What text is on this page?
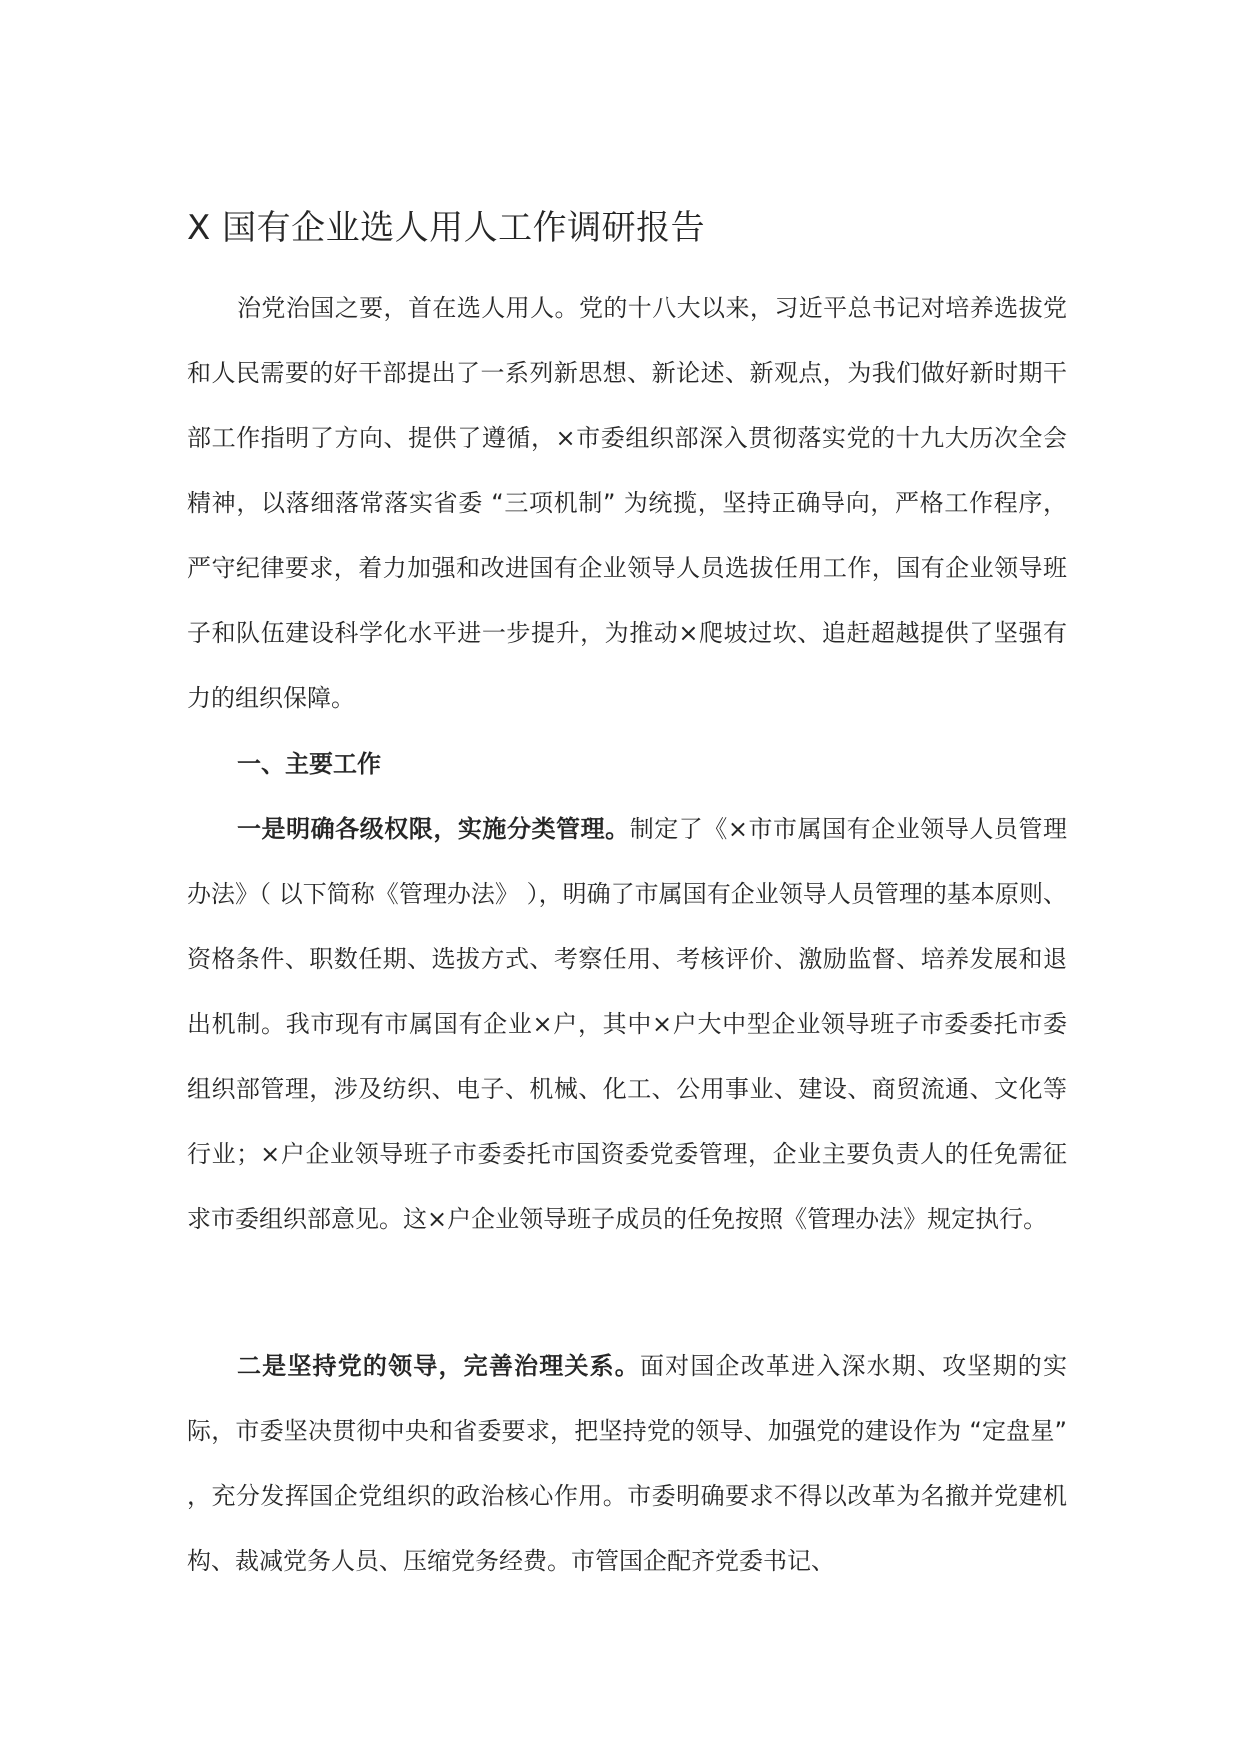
X 国有企业选人用人工作调研报告

治党治国之要，首在选人用人。党的十八大以来，习近平总书记对培养选拔党和人民需要的好干部提出了一系列新思想、新论述、新观点，为我们做好新时期干部工作指明了方向、提供了遵循，×市委组织部深入贯彻落实党的十九大历次全会精神，以落细落常落实省委 “三项机制” 为统揽，坚持正确导向，严格工作程序，严守纪律要求，着力加强和改进国有企业领导人员选拔任用工作，国有企业领导班子和队伍建设科学化水平进一步提升，为推动×爬坡过坎、追赶超越提供了坚强有力的组织保障。

一、主要工作

一是明确各级权限，实施分类管理。制定了《×市市属国有企业领导人员管理办法》（ 以下简称《管理办法》 ），明确了市属国有企业领导人员管理的基本原则、资格条件、职数任期、选拔方式、考察任用、考核评价、激励监督、培养发展和退出机制。我市现有市属国有企业×户，其中×户大中型企业领导班子市委委托市委组织部管理，涉及纺织、电子、机械、化工、公用事业、建设、商贸流通、文化等行业；×户企业领导班子市委委托市国资委党委管理，企业主要负责人的任免需征求市委组织部意见。这×户企业领导班子成员的任免按照《管理办法》规定执行。

二是坚持党的领导，完善治理关系。面对国企改革进入深水期、攻坚期的实际，市委坚决贯彻中央和省委要求，把坚持党的领导、加强党的建设作为 “定盘星” ，充分发挥国企党组织的政治核心作用。市委明确要求不得以改革为名撤并党建机构、裁减党务人员、压缩党务经费。市管国企配齐党委书记、
